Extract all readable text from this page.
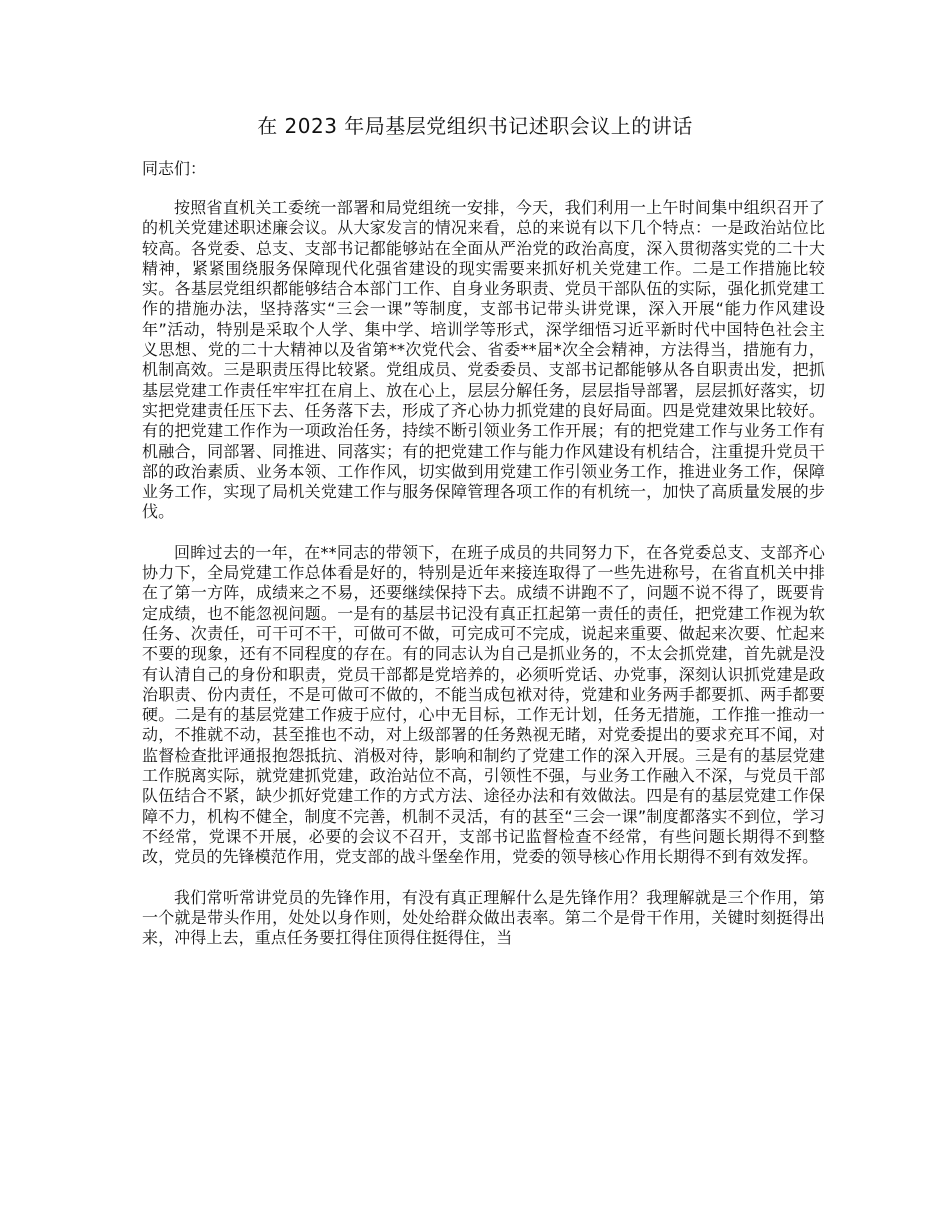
在 2023 年局基层党组织书记述职会议上的讲话
同志们：

按照省直机关工委统一部署和局党组统一安排，今天，我们利用一上午时间集中组织召开了的机关党建述职述廉会议。从大家发言的情况来看，总的来说有以下几个特点：一是政治站位比较高。各党委、总支、支部书记都能够站在全面从严治党的政治高度，深入贯彻落实党的二十大精神，紧紧围绕服务保障现代化强省建设的现实需要来抓好机关党建工作。二是工作措施比较实。各基层党组织都能够结合本部门工作、自身业务职责、党员干部队伍的实际，强化抓党建工作的措施办法，坚持落实“三会一课”等制度，支部书记带头讲党课，深入开展“能力作风建设年”活动，特别是采取个人学、集中学、培训学等形式，深学细悟习近平新时代中国特色社会主义思想、党的二十大精神以及省第**次党代会、省委**届*次全会精神，方法得当，措施有力，机制高效。三是职责压得比较紧。党组成员、党委委员、支部书记都能够从各自职责出发，把抓基层党建工作责任牢牢扛在肩上、放在心上，层层分解任务，层层指导部署，层层抓好落实，切实把党建责任压下去、任务落下去，形成了齐心协力抓党建的良好局面。四是党建效果比较好。有的把党建工作作为一项政治任务，持续不断引领业务工作开展；有的把党建工作与业务工作有机融合，同部署、同推进、同落实；有的把党建工作与能力作风建设有机结合，注重提升党员干部的政治素质、业务本领、工作作风，切实做到用党建工作引领业务工作，推进业务工作，保障业务工作，实现了局机关党建工作与服务保障管理各项工作的有机统一，加快了高质量发展的步伐。

回眸过去的一年，在**同志的带领下，在班子成员的共同努力下，在各党委总支、支部齐心协力下，全局党建工作总体看是好的，特别是近年来接连取得了一些先进称号，在省直机关中排在了第一方阵，成绩来之不易，还要继续保持下去。成绩不讲跑不了，问题不说不得了，既要肯定成绩，也不能忽视问题。一是有的基层书记没有真正扛起第一责任的责任，把党建工作视为软任务、次责任，可干可不干，可做可不做，可完成可不完成，说起来重要、做起来次要、忙起来不要的现象，还有不同程度的存在。有的同志认为自己是抓业务的，不太会抓党建，首先就是没有认清自己的身份和职责，党员干部都是党培养的，必须听党话、办党事，深刻认识抓党建是政治职责、份内责任，不是可做可不做的，不能当成包袱对待，党建和业务两手都要抓、两手都要硬。二是有的基层党建工作疲于应付，心中无目标，工作无计划，任务无措施，工作推一推动一动，不推就不动，甚至推也不动，对上级部署的任务熟视无睹，对党委提出的要求充耳不闻，对监督检查批评通报抱怨抵抗、消极对待，影响和制约了党建工作的深入开展。三是有的基层党建工作脱离实际，就党建抓党建，政治站位不高，引领性不强，与业务工作融入不深，与党员干部队伍结合不紧，缺少抓好党建工作的方式方法、途径办法和有效做法。四是有的基层党建工作保障不力，机构不健全，制度不完善，机制不灵活，有的甚至“三会一课”制度都落实不到位，学习不经常，党课不开展，必要的会议不召开，支部书记监督检查不经常，有些问题长期得不到整改，党员的先锋模范作用，党支部的战斗堡垒作用，党委的领导核心作用长期得不到有效发挥。

我们常听常讲党员的先锋作用，有没有真正理解什么是先锋作用？我理解就是三个作用，第一个就是带头作用，处处以身作则，处处给群众做出表率。第二个是骨干作用，关键时刻挺得出来，冲得上去，重点任务要扛得住顶得住挺得住，当
